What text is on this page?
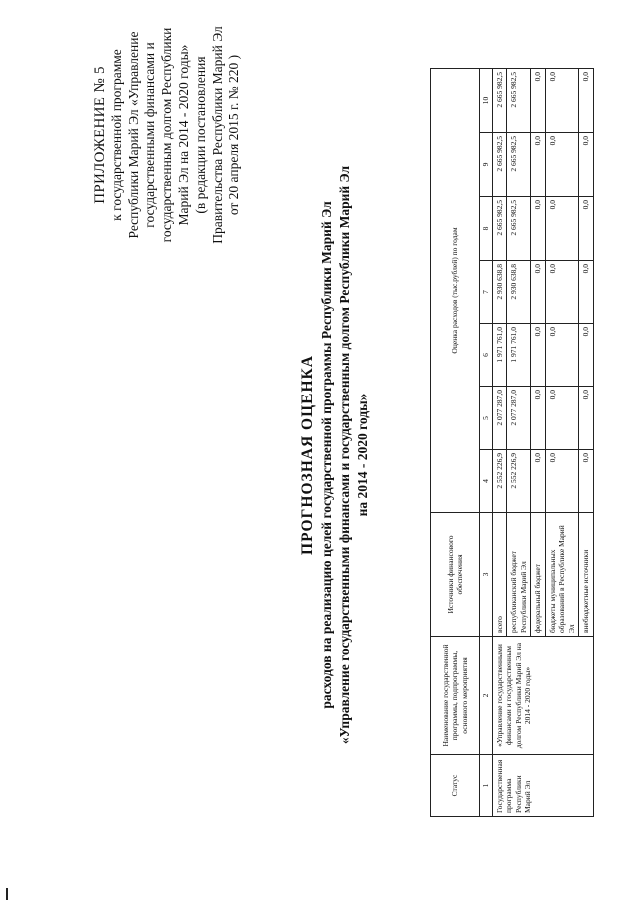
ПРИЛОЖЕНИЕ № 5 к государственной программе Республики Марий Эл «Управление государственными финансами и государственным долгом Республики Марий Эл на 2014 - 2020 годы» (в редакции постановления Правительства Республики Марий Эл от 20 апреля 2015 г. № 220 )
ПРОГНОЗНАЯ ОЦЕНКА расходов на реализацию целей государственной программы Республики Марий Эл «Управление государственными финансами и государственным долгом Республики Марий Эл на 2014 - 2020 годы»
Статус	Наименование государственной программы, подпрограммы, основного мероприятия	Источники финансового обеспечения	Оценка расходов (тыс.рублей) по годам						
1	2	3	4	5	6	7	8	9	10
Государственная программа Республики Марий Эл	«Управление государственными финансами и государственным долгом Республики Марий Эл на 2014 - 2020 годы»	всего	2 552 226,9	2 077 287,0	1 971 761,0	2 930 638,8	2 665 982,5	2 665 982,5	2 665 982,5
		республиканский бюджет Республики Марий Эл	2 552 226,9	2 077 287,0	1 971 761,0	2 930 638,8	2 665 982,5	2 665 982,5	2 665 982,5
		федеральный бюджет	0,0	0,0	0,0	0,0	0,0	0,0	0,0
		бюджеты муниципальных образований в Республике Марий Эл	0,0	0,0	0,0	0,0	0,0	0,0	0,0
		внебюджетные источники	0,0	0,0	0,0	0,0	0,0	0,0	0,0
